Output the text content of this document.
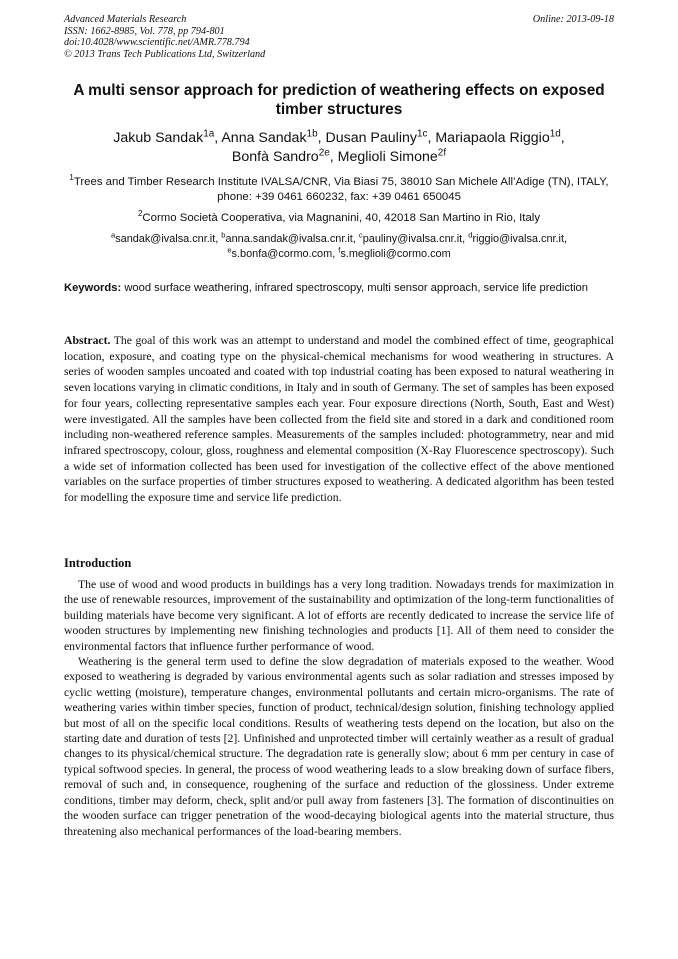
Advanced Materials Research
ISSN: 1662-8985, Vol. 778, pp 794-801
doi:10.4028/www.scientific.net/AMR.778.794
© 2013 Trans Tech Publications Ltd, Switzerland
Online: 2013-09-18
A multi sensor approach for prediction of weathering effects on exposed timber structures
Jakub Sandak$^{1a}$, Anna Sandak$^{1b}$, Dusan Pauliny$^{1c}$, Mariapaola Riggio$^{1d}$,
Bonfà Sandro$^{2e}$, Meglioli Simone$^{2f}$
$^1$Trees and Timber Research Institute IVALSA/CNR, Via Biasi 75, 38010 San Michele All’Adige (TN), ITALY, phone: +39 0461 660232, fax: +39 0461 650045
$^2$Cormo Società Cooperativa, via Magnanini, 40, 42018 San Martino in Rio, Italy
$^a$sandak@ivalsa.cnr.it, $^b$anna.sandak@ivalsa.cnr.it, $^c$pauliny@ivalsa.cnr.it, $^d$riggio@ivalsa.cnr.it,
$^e$s.bonfa@cormo.com, $^f$s.meglioli@cormo.com
Keywords: wood surface weathering, infrared spectroscopy, multi sensor approach, service life prediction

Abstract. The goal of this work was an attempt to understand and model the combined effect of time, geographical location, exposure, and coating type on the physical-chemical mechanisms for wood weathering in structures. A series of wooden samples uncoated and coated with top industrial coating has been exposed to natural weathering in seven locations varying in climatic conditions, in Italy and in south of Germany. The set of samples has been exposed for four years, collecting representative samples each year. Four exposure directions (North, South, East and West) were investigated. All the samples have been collected from the field site and stored in a dark and conditioned room including non-weathered reference samples. Measurements of the samples included: photogrammetry, near and mid infrared spectroscopy, colour, gloss, roughness and elemental composition (X-Ray Fluorescence spectroscopy). Such a wide set of information collected has been used for investigation of the collective effect of the above mentioned variables on the surface properties of timber structures exposed to weathering. A dedicated algorithm has been tested for modelling the exposure time and service life prediction.

Introduction

The use of wood and wood products in buildings has a very long tradition. Nowadays trends for maximization in the use of renewable resources, improvement of the sustainability and optimization of the long-term functionalities of building materials have become very significant. A lot of efforts are recently dedicated to increase the service life of wooden structures by implementing new finishing technologies and products [1]. All of them need to consider the environmental factors that influence further performance of wood.

Weathering is the general term used to define the slow degradation of materials exposed to the weather. Wood exposed to weathering is degraded by various environmental agents such as solar radiation and stresses imposed by cyclic wetting (moisture), temperature changes, environmental pollutants and certain micro-organisms. The rate of weathering varies within timber species, function of product, technical/design solution, finishing technology applied but most of all on the specific local conditions. Results of weathering tests depend on the location, but also on the starting date and duration of tests [2]. Unfinished and unprotected timber will certainly weather as a result of gradual changes to its physical/chemical structure. The degradation rate is generally slow; about 6 mm per century in case of typical softwood species. In general, the process of wood weathering leads to a slow breaking down of surface fibers, removal of such and, in consequence, roughening of the surface and reduction of the glossiness. Under extreme conditions, timber may deform, check, split and/or pull away from fasteners [3]. The formation of discontinuities on the wooden surface can trigger penetration of the wood-decaying biological agents into the material structure, thus threatening also mechanical performances of the load-bearing members.
